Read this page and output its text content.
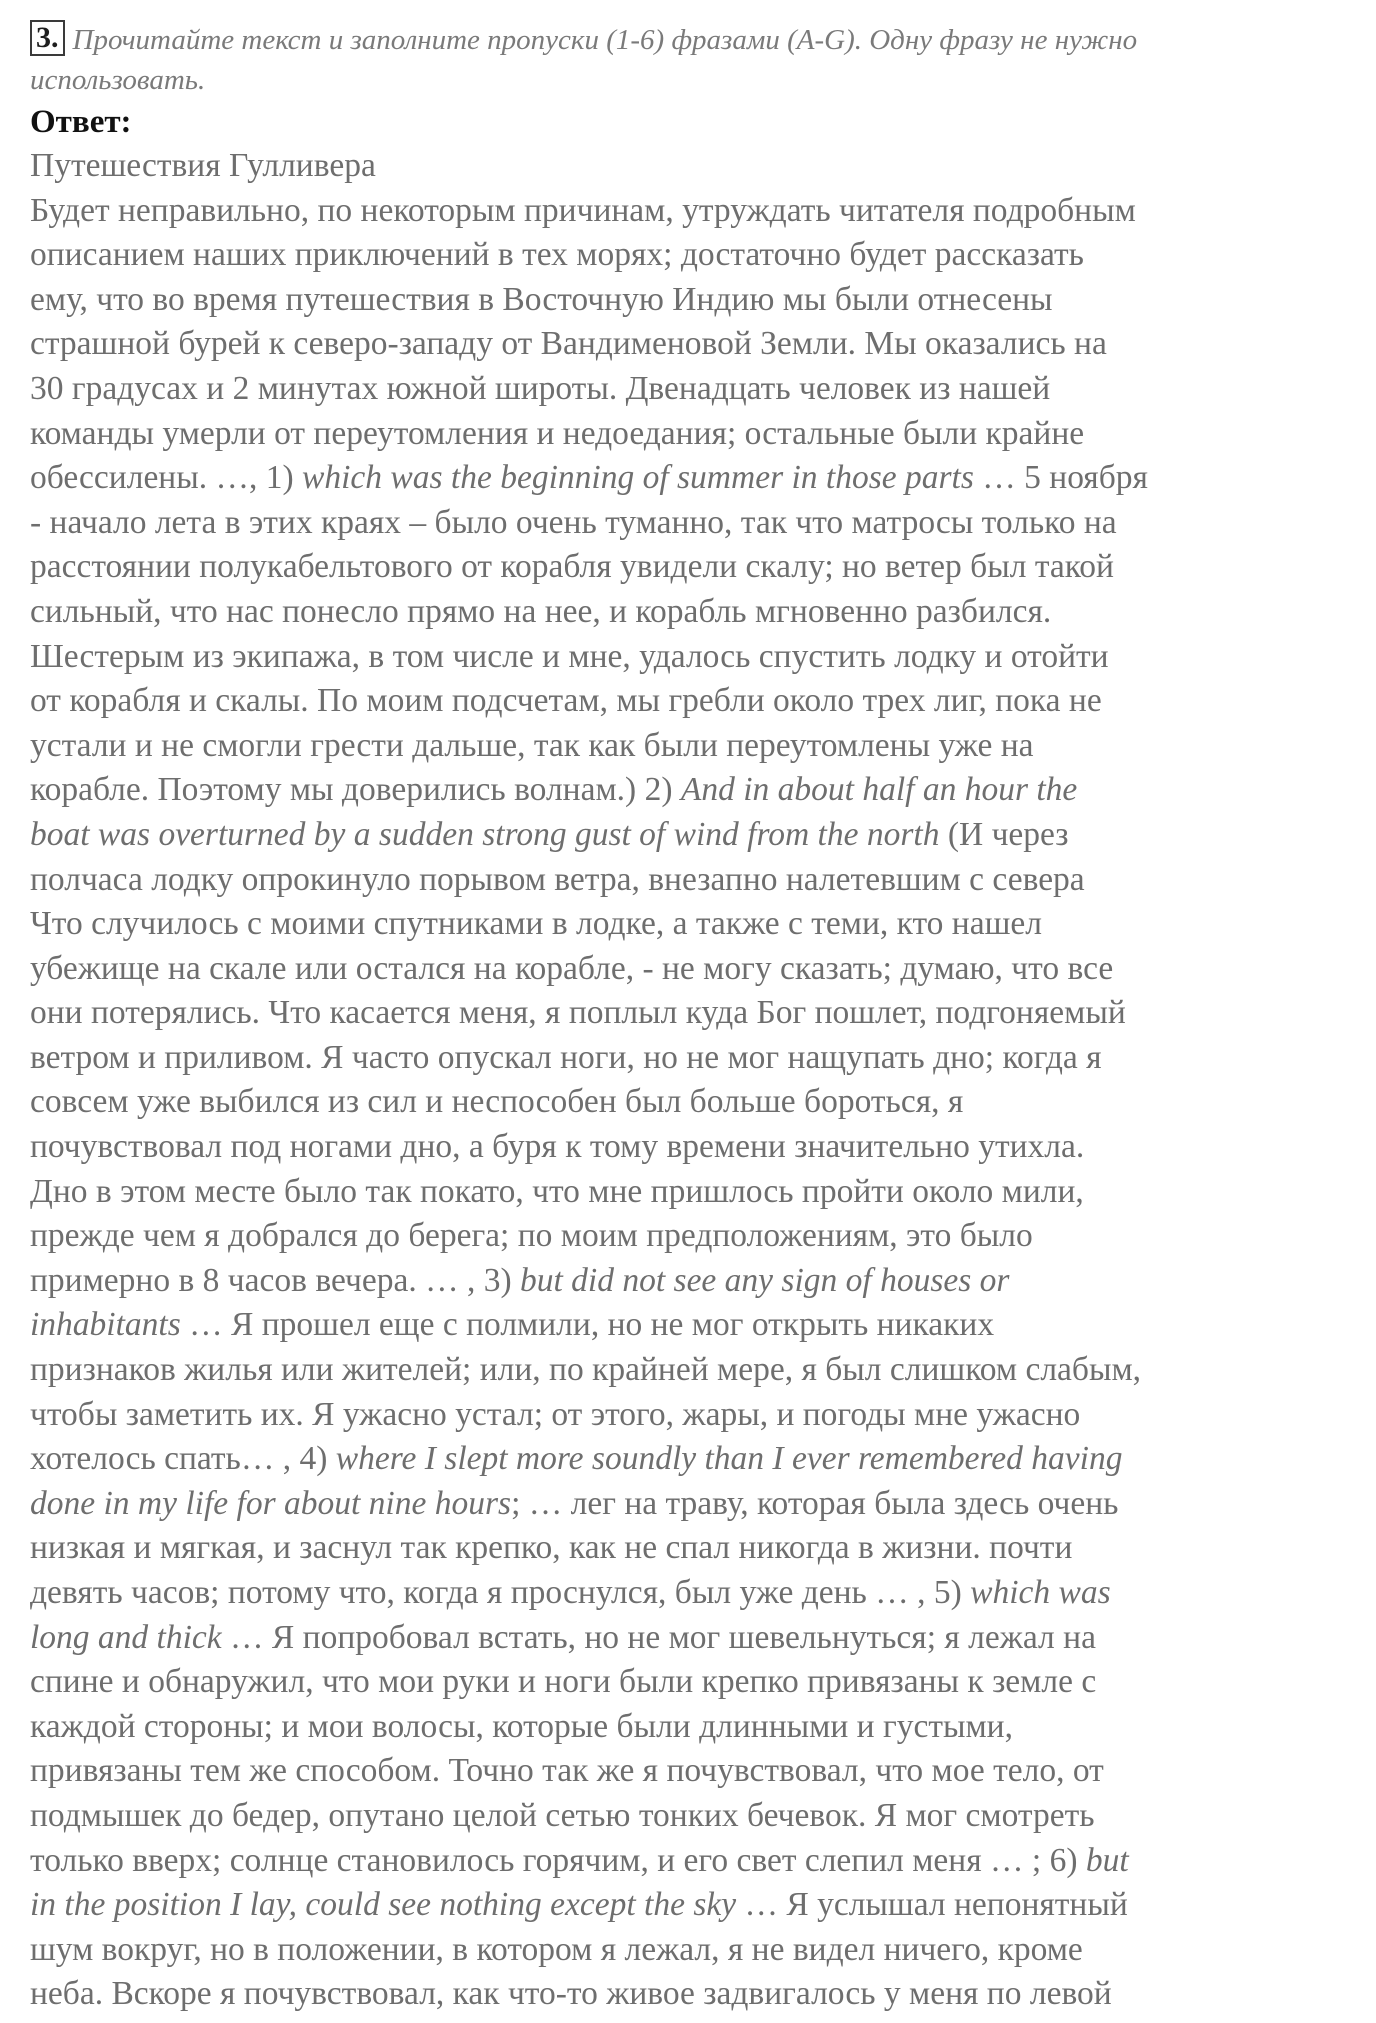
3. Прочитайте текст и заполните пропуски (1-6) фразами (A-G). Одну фразу не нужно
использовать.
Ответ:
Путешествия Гулливера
Будет неправильно, по некоторым причинам, утруждать читателя подробным
описанием наших приключений в тех морях; достаточно будет рассказать
ему, что во время путешествия в Восточную Индию мы были отнесены
страшной бурей к северо-западу от Вандименовой Земли. Мы оказались на
30 градусах и 2 минутах южной широты. Двенадцать человек из нашей
команды умерли от переутомления и недоедания; остальные были крайне
обессилены. …, 1) which was the beginning of summer in those parts … 5 ноября
- начало лета в этих краях – было очень туманно, так что матросы только на
расстоянии полукабельтового от корабля увидели скалу; но ветер был такой
сильный, что нас понесло прямо на нее, и корабль мгновенно разбился.
Шестерым из экипажа, в том числе и мне, удалось спустить лодку и отойти
от корабля и скалы. По моим подсчетам, мы гребли около трех лиг, пока не
устали и не смогли грести дальше, так как были переутомлены уже на
корабле. Поэтому мы доверились волнам.) 2) And in about half an hour the
boat was overturned by a sudden strong gust of wind from the north (И через
полчаса лодку опрокинуло порывом ветра, внезапно налетевшим с севера
Что случилось с моими спутниками в лодке, а также с теми, кто нашел
убежище на скале или остался на корабле, - не могу сказать; думаю, что все
они потерялись. Что касается меня, я поплыл куда Бог пошлет, подгоняемый
ветром и приливом. Я часто опускал ноги, но не мог нащупать дно; когда я
совсем уже выбился из сил и неспособен был больше бороться, я
почувствовал под ногами дно, а буря к тому времени значительно утихла.
Дно в этом месте было так покато, что мне пришлось пройти около мили,
прежде чем я добрался до берега; по моим предположениям, это было
примерно в 8 часов вечера. … , 3) but did not see any sign of houses or
inhabitants … Я прошел еще с полмили, но не мог открыть никаких
признаков жилья или жителей; или, по крайней мере, я был слишком слабым,
чтобы заметить их. Я ужасно устал; от этого, жары, и погоды мне ужасно
хотелось спать… , 4) where I slept more soundly than I ever remembered having
done in my life for about nine hours; … лег на траву, которая была здесь очень
низкая и мягкая, и заснул так крепко, как не спал никогда в жизни. почти
девять часов; потому что, когда я проснулся, был уже день … , 5) which was
long and thick … Я попробовал встать, но не мог шевельнуться; я лежал на
спине и обнаружил, что мои руки и ноги были крепко привязаны к земле с
каждой стороны; и мои волосы, которые были длинными и густыми,
привязаны тем же способом. Точно так же я почувствовал, что мое тело, от
подмышек до бедер, опутано целой сетью тонких бечевок. Я мог смотреть
только вверх; солнце становилось горячим, и его свет слепил меня … ; 6) but
in the position I lay, could see nothing except the sky … Я услышал непонятный
шум вокруг, но в положении, в котором я лежал, я не видел ничего, кроме
неба. Вскоре я почувствовал, как что-то живое задвигалось у меня по левой
